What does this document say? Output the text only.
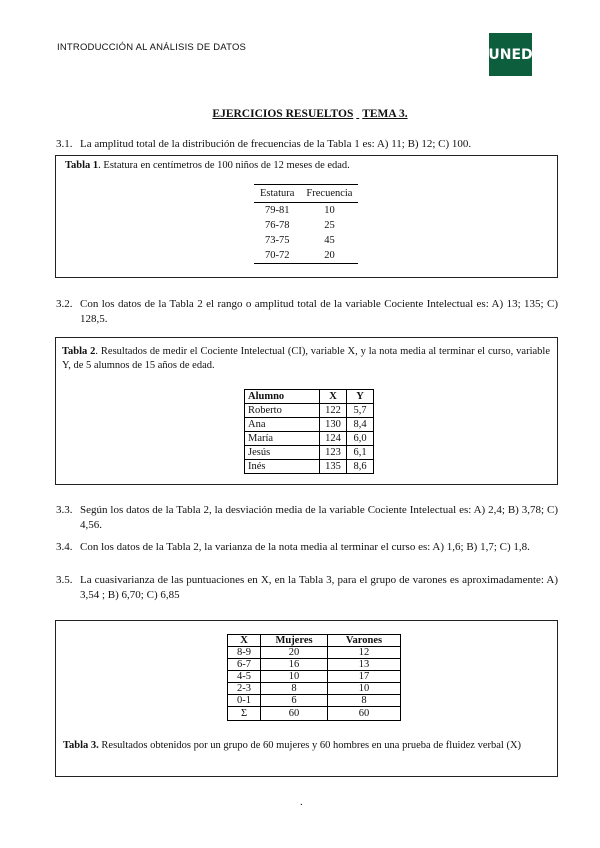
INTRODUCCIÓN AL ANÁLISIS DE DATOS	UNED
EJERCICIOS RESUELTOS TEMA 3.
3.1. La amplitud total de la distribución de frecuencias de la Tabla 1 es: A) 11; B) 12; C) 100.
Tabla 1. Estatura en centímetros de 100 niños de 12 meses de edad.
Estatura	Frecuencia
79-81	10
76-78	25
73-75	45
70-72	20
3.2. Con los datos de la Tabla 2 el rango o amplitud total de la variable Cociente Intelectual es: A) 13; 135; C) 128,5.
Tabla 2. Resultados de medir el Cociente Intelectual (CI), variable X, y la nota media al terminar el curso, variable Y, de 5 alumnos de 15 años de edad.
Alumno	X	Y
Roberto	122	5,7
Ana	130	8,4
María	124	6,0
Jesús	123	6,1
Inés	135	8,6
3.3. Según los datos de la Tabla 2, la desviación media de la variable Cociente Intelectual es: A) 2,4; B) 3,78; C) 4,56.
3.4. Con los datos de la Tabla 2, la varianza de la nota media al terminar el curso es: A) 1,6; B) 1,7; C) 1,8.
3.5. La cuasivarianza de las puntuaciones en X, en la Tabla 3, para el grupo de varones es aproximadamente: A) 3,54 ; B) 6,70; C) 6,85
Tabla 3. Resultados obtenidos por un grupo de 60 mujeres y 60 hombres en una prueba de fluidez verbal (X)
X	Mujeres	Varones
8-9	20	12
6-7	16	13
4-5	10	17
2-3	8	10
0-1	6	8
Σ	60	60
.
